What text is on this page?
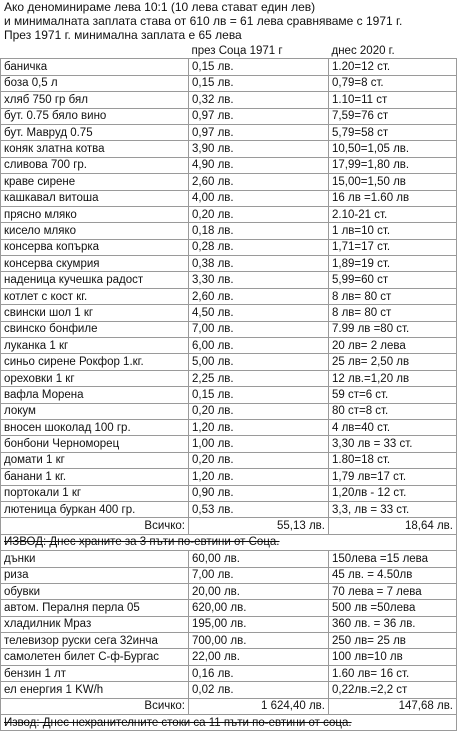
Ако деноминираме лева 10:1 (10 лева стават един лев)
и минималната заплата става от 610 лв = 61 лева сравняваме с 1971 г.
През 1971 г. минимална заплата е 65 лева
	през Соца 1971 г	днес 2020 г.
баничка	0,15 лв.	1.20=12 ст.
боза 0,5 л	0,15 лв.	0,79=8 ст.
хляб 750 гр бял	0,32 лв.	1.10=11 ст
бут. 0.75 бяло вино	0,97 лв.	7,59=76 ст
бут. Мавруд 0.75	0,97 лв.	5,79=58 ст
коняк златна котва	3,90 лв.	10,50=1,05 лв.
сливова 700 гр.	4,90 лв.	17,99=1,80 лв.
краве сирене	2,60 лв.	15,00=1,50 лв
кашкавал витоша	4,00 лв.	16 лв =1.60 лв
прясно мляко	0,20 лв.	2.10-21 ст.
кисело мляко	0,18 лв.	1 лв=10 ст.
консерва копърка	0,28 лв.	1,71=17 ст.
консерва скумрия	0,38 лв.	1,89=19 ст.
наденица кучешка радост	3,30 лв.	5,99=60 ст
котлет с кост кг.	2,60 лв.	8 лв= 80 ст
свински шол 1 кг	4,50 лв.	8 лв= 80 ст
свинско бонфиле	7,00 лв.	7.99 лв =80 ст.
луканка 1 кг	6,00 лв.	20 лв= 2 лева
синьо сирене Рокфор 1.кг.	5,00 лв.	25 лв= 2,50 лв
ореховки 1 кг	2,25 лв.	12 лв.=1,20 лв
вафла Морена	0,15 лв.	59 ст=6 ст.
локум	0,20 лв.	80 ст=8 ст.
вносен шоколад 100 гр.	1,20 лв.	4 лв=40 ст.
бонбони Черноморец	1,00 лв.	3,30 лв = 33 ст.
домати 1 кг	0,20 лв.	1.80=18 ст.
банани 1 кг.	1,20 лв.	1,79 лв=17 ст.
портокали 1 кг	0,90 лв.	1,20лв - 12 ст.
лютеница буркан 400 гр.	0,53 лв.	3,3, лв = 33 ст.
Всичко:	55,13 лв.	18,64 лв.
ИЗВОД: Днес храните за 3 пъти по-евтини от Соца.		
дънки	60,00 лв.	150лева =15 лева
риза	7,00 лв.	45 лв. = 4.50лв
обувки	20,00 лв.	70 лева = 7 лева
автом. Пералня перла 05	620,00 лв.	500 лв =50лева
хладилник Мраз	195,00 лв.	360 лв. = 36 лв.
телевизор руски сега 32инча	700,00 лв.	250 лв= 25 лв
самолетен билет С-ф-Бургас	22,00 лв.	100 лв=10 лв
бензин 1 лт	0,16 лв.	1.60 лв= 16 ст.
ел енергия 1 KW/h	0,02 лв.	0,22лв.=2,2 ст
Всичко:	1 624,40 лв.	147,68 лв.
Извод: Днес нехранителните стоки са 11 пъти по-евтини от соца.		
